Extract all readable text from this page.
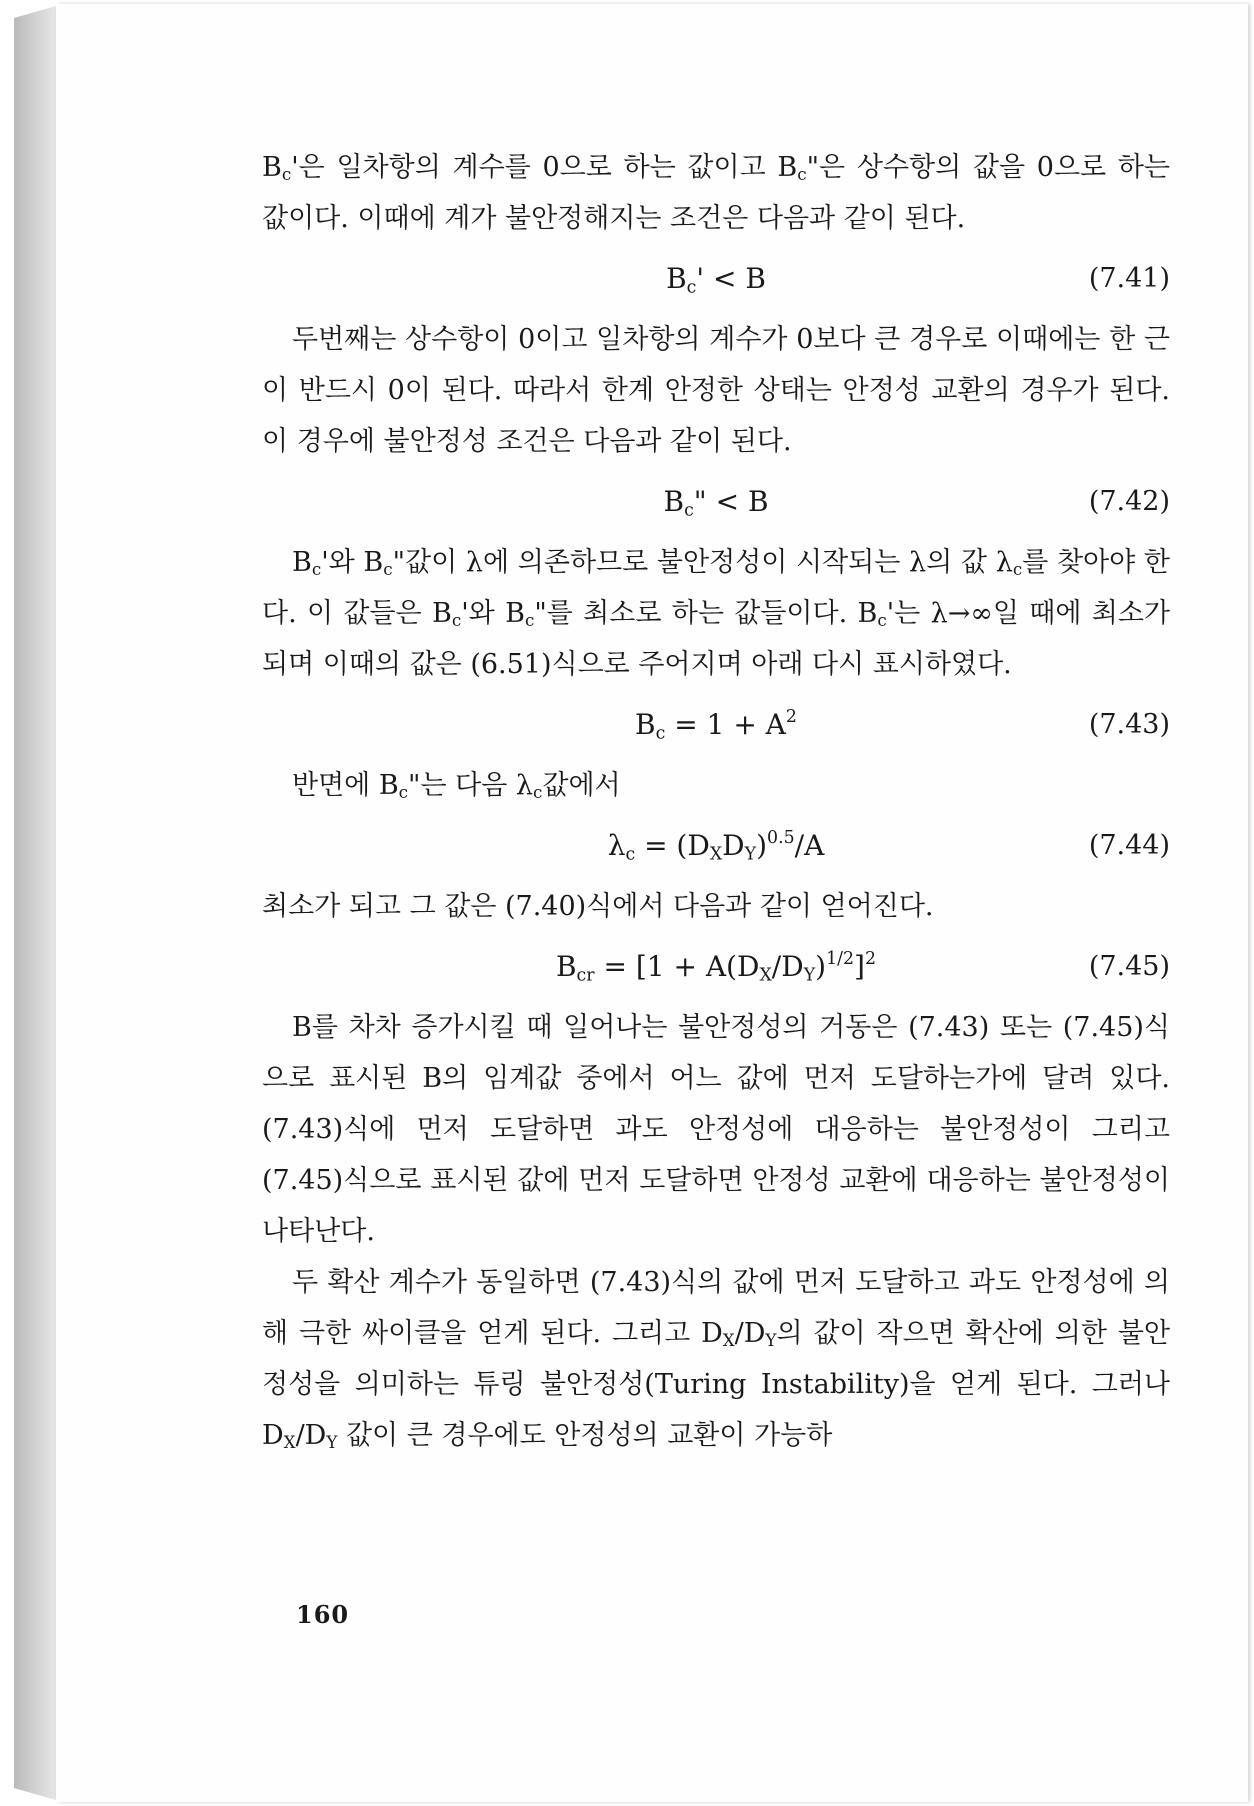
$B_c'$은 일차항의 계수를 0으로 하는 값이고 $B_c$"은 상수항의 값을 0으로 하는 값이다. 이때에 계가 불안정해지는 조건은 다음과 같이 된다.

$B_c' < B$	(7.41)

두번째는 상수항이 0이고 일차항의 계수가 0보다 큰 경우로 이때에는 한 근이 반드시 0이 된다. 따라서 한계 안정한 상태는 안정성 교환의 경우가 된다. 이 경우에 불안정성 조건은 다음과 같이 된다.

$B_c$" < B	(7.42)

$B_c'$와 $B_c$"값이 λ에 의존하므로 불안정성이 시작되는 λ의 값 $\lambda_c$를 찾아야 한다. 이 값들은 $B_c'$와 $B_c$"를 최소로 하는 값들이다. $B_c'$는 λ→∞일 때에 최소가 되며 이때의 값은 (6.51)식으로 주어지며 아래 다시 표시하였다.

$B_c = 1 + A^2$	(7.43)

반면에 $B_c$"는 다음 $\lambda_c$값에서

$\lambda_c = (D_XD_Y)^{0.5}/A$	(7.44)

최소가 되고 그 값은 (7.40)식에서 다음과 같이 얻어진다.

$B_{cr} = [1 + A(D_X/D_Y)^{1/2}]^2$	(7.45)

B를 차차 증가시킬 때 일어나는 불안정성의 거동은 (7.43) 또는 (7.45)식으로 표시된 B의 임계값 중에서 어느 값에 먼저 도달하는가에 달려 있다. (7.43)식에 먼저 도달하면 과도 안정성에 대응하는 불안정성이 그리고 (7.45)식으로 표시된 값에 먼저 도달하면 안정성 교환에 대응하는 불안정성이 나타난다.

두 확산 계수가 동일하면 (7.43)식의 값에 먼저 도달하고 과도 안정성에 의해 극한 싸이클을 얻게 된다. 그리고 $D_X/D_Y$의 값이 작으면 확산에 의한 불안정성을 의미하는 튜링 불안정성(Turing Instability)을 얻게 된다. 그러나 $D_X/D_Y$ 값이 큰 경우에도 안정성의 교환이 가능하

160
